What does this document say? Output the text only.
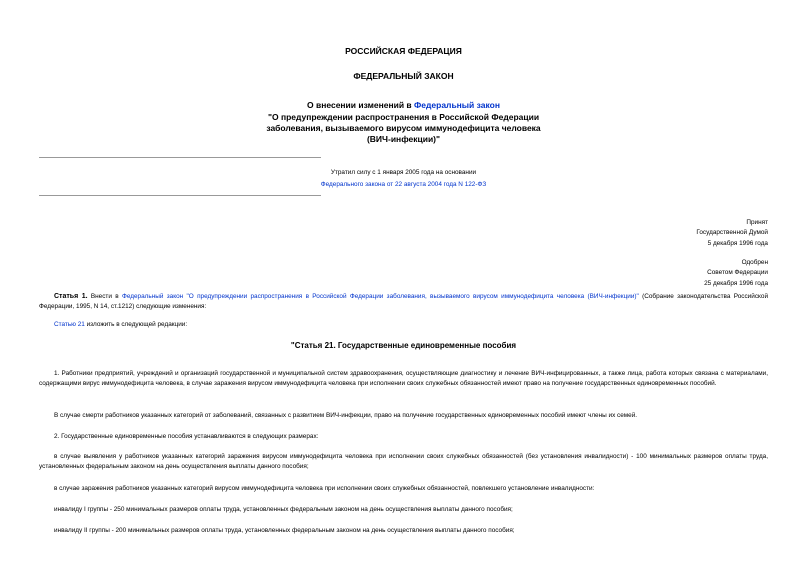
РОССИЙСКАЯ ФЕДЕРАЦИЯ
ФЕДЕРАЛЬНЫЙ ЗАКОН
О внесении изменений в Федеральный закон
"О предупреждении распространения в Российской Федерации
заболевания, вызываемого вирусом иммунодефицита человека
(ВИЧ-инфекции)"
Утратил силу с 1 января 2005 года на основании
Федерального закона от 22 августа 2004 года N 122-ФЗ
Принят
Государственной Думой
5 декабря 1996 года
Одобрен
Советом Федерации
25 декабря 1996 года
Статья 1. Внести в Федеральный закон "О предупреждении распространения в Российской Федерации заболевания, вызываемого вирусом иммунодефицита человека (ВИЧ-инфекции)" (Собрание законодательства Российской Федерации, 1995, N 14, ст.1212) следующие изменения:
Статью 21 изложить в следующей редакции:
"Статья 21. Государственные единовременные пособия
1. Работники предприятий, учреждений и организаций государственной и муниципальной систем здравоохранения, осуществляющие диагностику и лечение ВИЧ-инфицированных, а также лица, работа которых связана с материалами, содержащими вирус иммунодефицита человека, в случае заражения вирусом иммунодефицита человека при исполнении своих служебных обязанностей имеют право на получение государственных единовременных пособий.
В случае смерти работников указанных категорий от заболеваний, связанных с развитием ВИЧ-инфекции, право на получение государственных единовременных пособий имеют члены их семей.
2. Государственные единовременные пособия устанавливаются в следующих размерах:
в случае выявления у работников указанных категорий заражения вирусом иммунодефицита человека при исполнении своих служебных обязанностей (без установления инвалидности) - 100 минимальных размеров оплаты труда, установленных федеральным законом на день осуществления выплаты данного пособия;
в случае заражения работников указанных категорий вирусом иммунодефицита человека при исполнении своих служебных обязанностей, повлекшего установление инвалидности:
инвалиду I группы - 250 минимальных размеров оплаты труда, установленных федеральным законом на день осуществления выплаты данного пособия;
инвалиду II группы - 200 минимальных размеров оплаты труда, установленных федеральным законом на день осуществления выплаты данного пособия;
